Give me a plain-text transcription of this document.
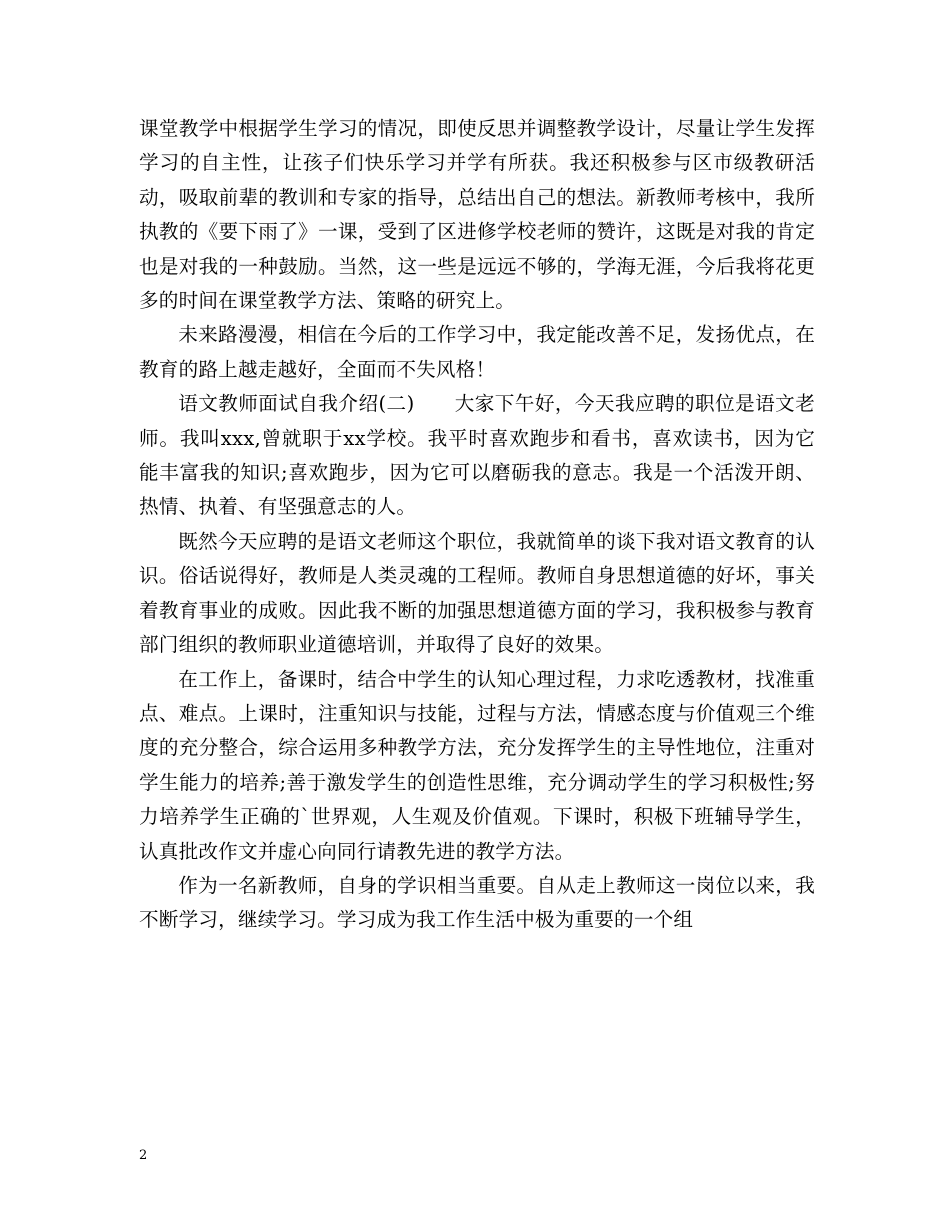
课堂教学中根据学生学习的情况，即使反思并调整教学设计，尽量让学生发挥学习的自主性，让孩子们快乐学习并学有所获。我还积极参与区市级教研活动，吸取前辈的教训和专家的指导，总结出自己的想法。新教师考核中，我所执教的《要下雨了》一课，受到了区进修学校老师的赞许，这既是对我的肯定也是对我的一种鼓励。当然，这一些是远远不够的，学海无涯，今后我将花更多的时间在课堂教学方法、策略的研究上。

未来路漫漫，相信在今后的工作学习中，我定能改善不足，发扬优点，在教育的路上越走越好，全面而不失风格！

语文教师面试自我介绍(二)　　大家下午好，今天我应聘的职位是语文老师。我叫xxx,曾就职于xx学校。我平时喜欢跑步和看书，喜欢读书，因为它能丰富我的知识;喜欢跑步，因为它可以磨砺我的意志。我是一个活泼开朗、热情、执着、有坚强意志的人。

既然今天应聘的是语文老师这个职位，我就简单的谈下我对语文教育的认识。俗话说得好，教师是人类灵魂的工程师。教师自身思想道德的好坏，事关着教育事业的成败。因此我不断的加强思想道德方面的学习，我积极参与教育部门组织的教师职业道德培训，并取得了良好的效果。

在工作上，备课时，结合中学生的认知心理过程，力求吃透教材，找准重点、难点。上课时，注重知识与技能，过程与方法，情感态度与价值观三个维度的充分整合，综合运用多种教学方法，充分发挥学生的主导性地位，注重对学生能力的培养;善于激发学生的创造性思维，充分调动学生的学习积极性;努力培养学生正确的`世界观，人生观及价值观。下课时，积极下班辅导学生，认真批改作文并虚心向同行请教先进的教学方法。

作为一名新教师，自身的学识相当重要。自从走上教师这一岗位以来，我不断学习，继续学习。学习成为我工作生活中极为重要的一个组

2
